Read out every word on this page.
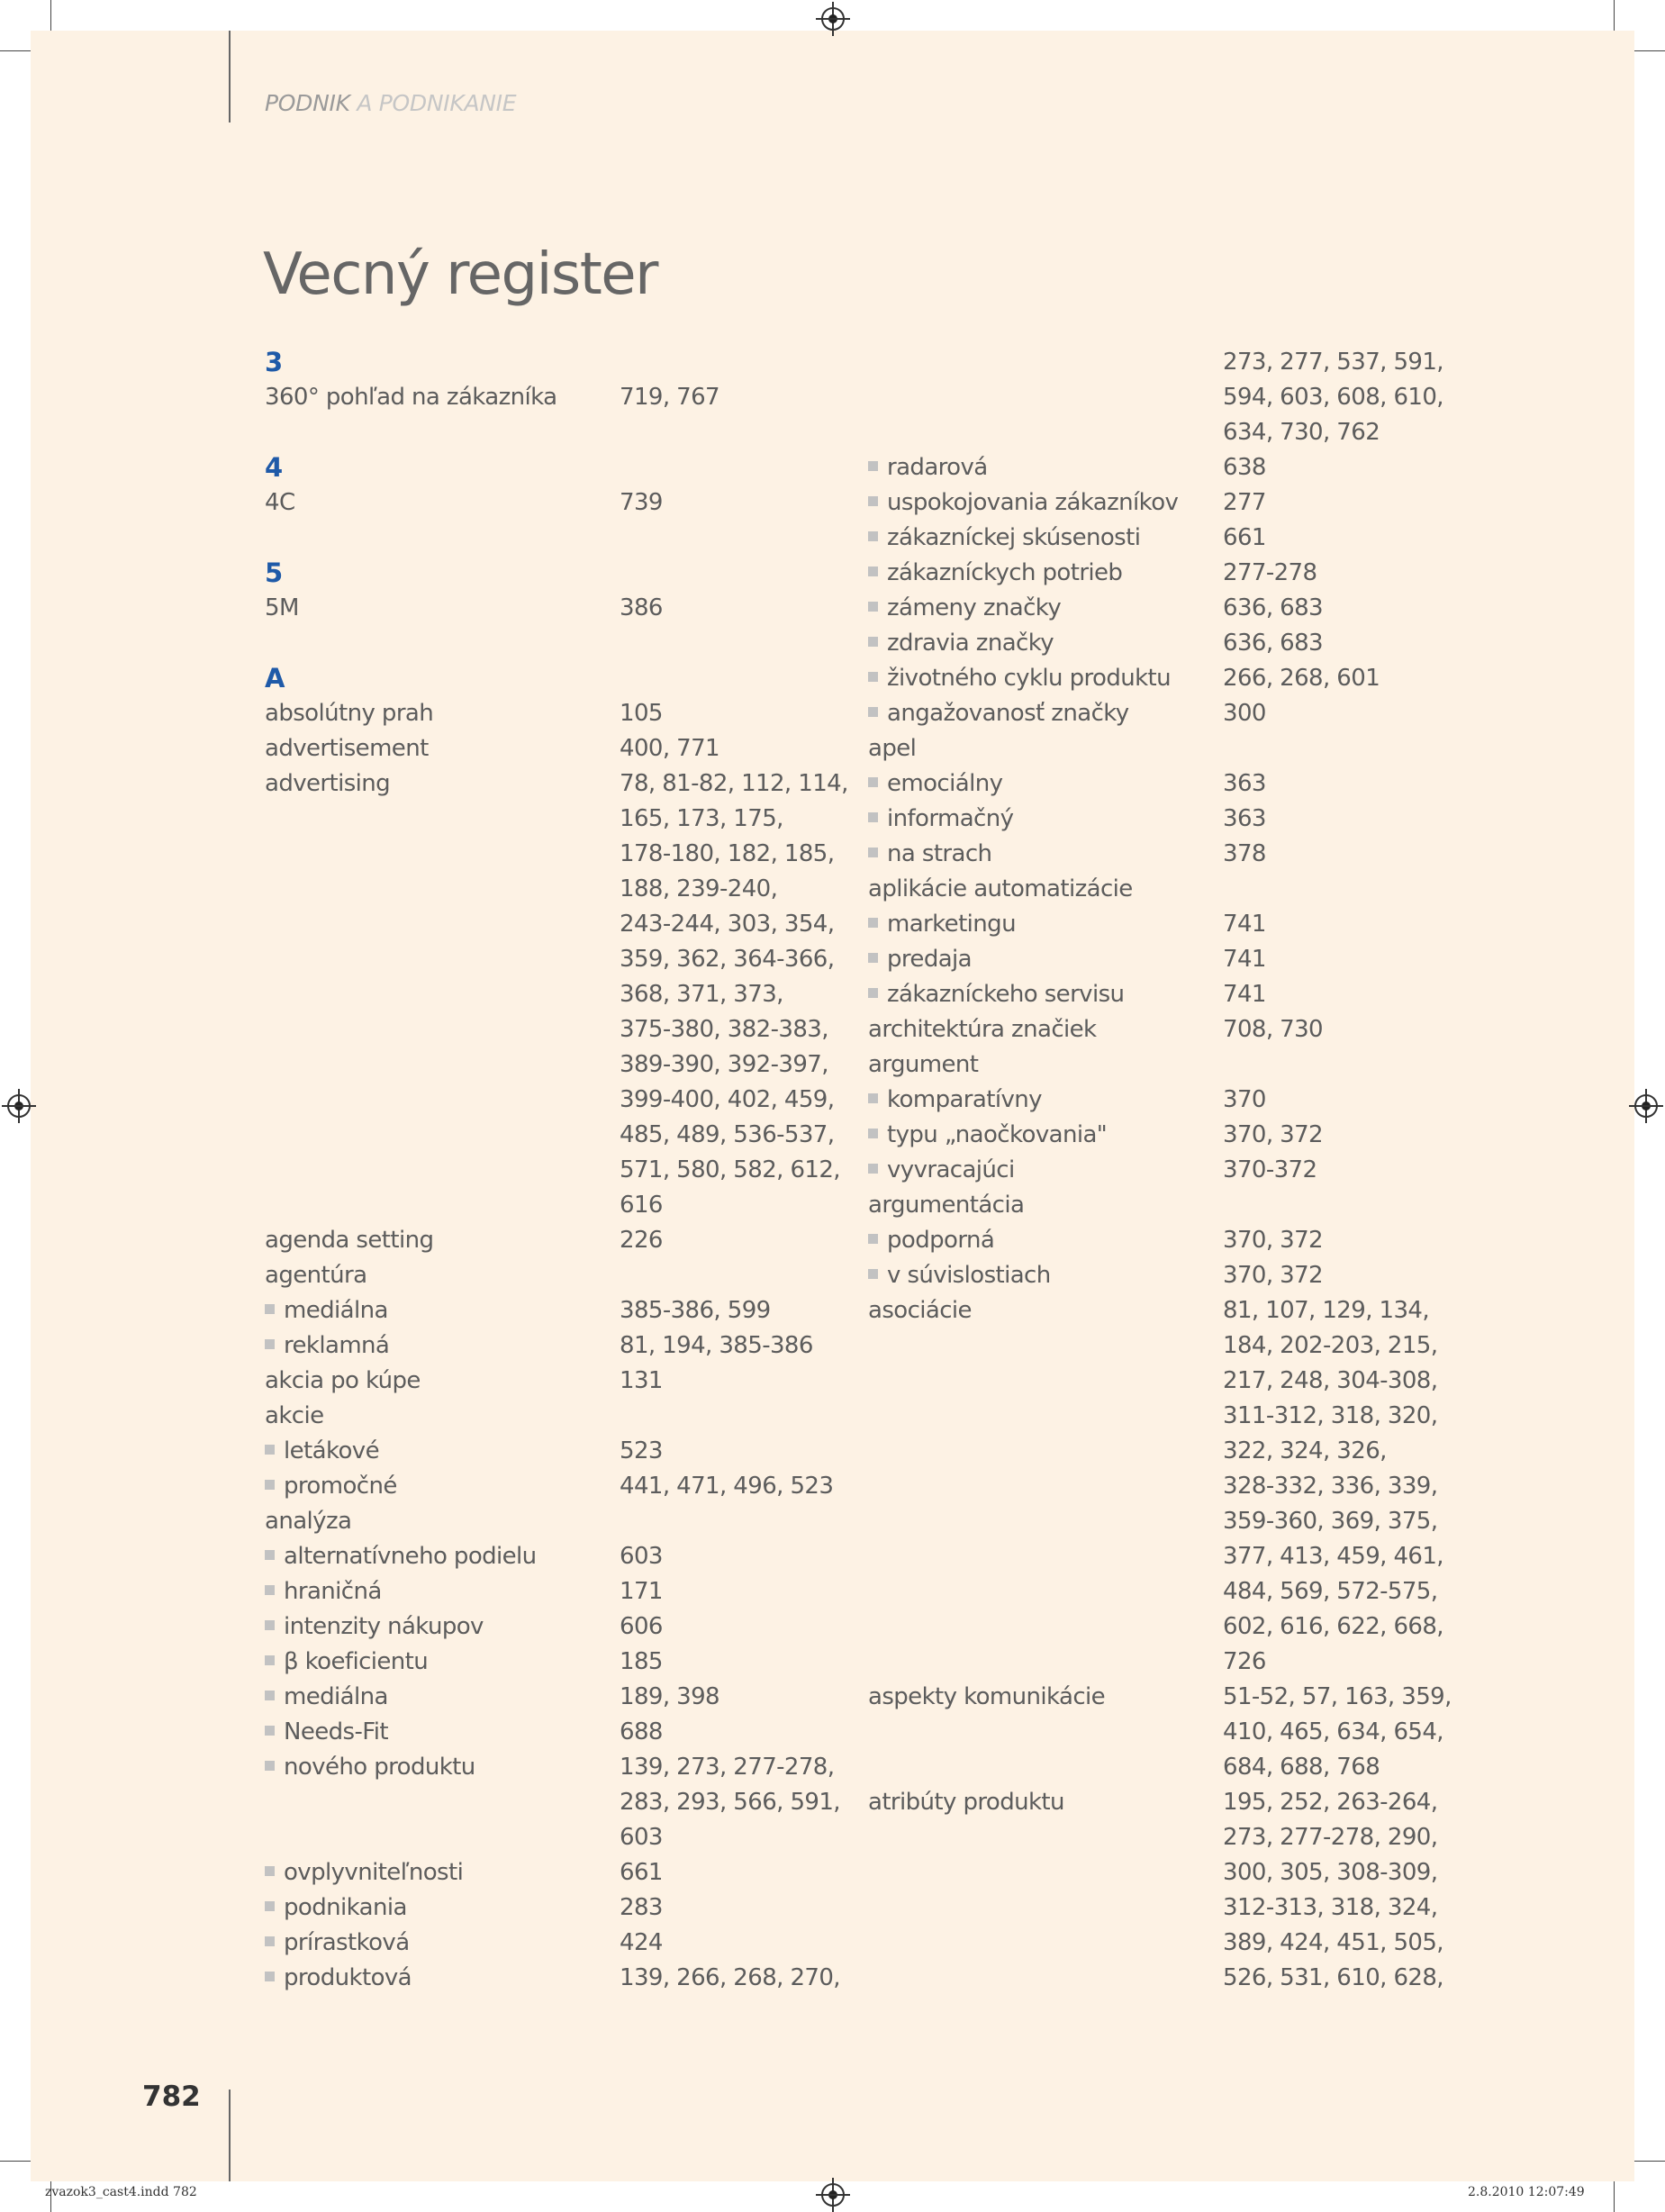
PODNIK A PODNIKANIE
Vecný register
3
360° pohľad na zákazníka	719, 767
4
4C	739
5
5M	386
A
absolútny prah	105
advertisement	400, 771
advertising	78, 81-82, 112, 114,
165, 173, 175,
178-180, 182, 185,
188, 239-240,
243-244, 303, 354,
359, 362, 364-366,
368, 371, 373,
375-380, 382-383,
389-390, 392-397,
399-400, 402, 459,
485, 489, 536-537,
571, 580, 582, 612,
616
agenda setting	226
agentúra
mediálna	385-386, 599
reklamná	81, 194, 385-386
akcia po kúpe	131
akcie
letákové	523
promočné	441, 471, 496, 523
analýza
alternatívneho podielu	603
hraničná	171
intenzity nákupov	606
β koeficientu	185
mediálna	189, 398
Needs-Fit	688
nového produktu	139, 273, 277-278,
283, 293, 566, 591,
603
ovplyvniteľnosti	661
podnikania	283
prírastková	424
produktová	139, 266, 268, 270,
273, 277, 537, 591,
594, 603, 608, 610,
634, 730, 762
radarová	638
uspokojovania zákazníkov 277
zákazníckej skúsenosti	661
zákazníckych potrieb	277-278
zámeny značky	636, 683
zdravia značky	636, 683
životného cyklu produktu 266, 268, 601
angažovanosť značky	300
apel
emociálny	363
informačný	363
na strach	378
aplikácie automatizácie
marketingu	741
predaja	741
zákazníckeho servisu	741
architektúra značiek	708, 730
argument
komparatívny	370
typu „naočkovania"	370, 372
vyvracajúci	370-372
argumentácia
podporná	370, 372
v súvislostiach	370, 372
asociácie	81, 107, 129, 134,
184, 202-203, 215,
217, 248, 304-308,
311-312, 318, 320,
322, 324, 326,
328-332, 336, 339,
359-360, 369, 375,
377, 413, 459, 461,
484, 569, 572-575,
602, 616, 622, 668,
726
aspekty komunikácie	51-52, 57, 163, 359,
410, 465, 634, 654,
684, 688, 768
atribúty produktu	195, 252, 263-264,
273, 277-278, 290,
300, 305, 308-309,
312-313, 318, 324,
389, 424, 451, 505,
526, 531, 610, 628,
782
zvazok3_cast4.indd 782	2.8.2010 12:07:49
